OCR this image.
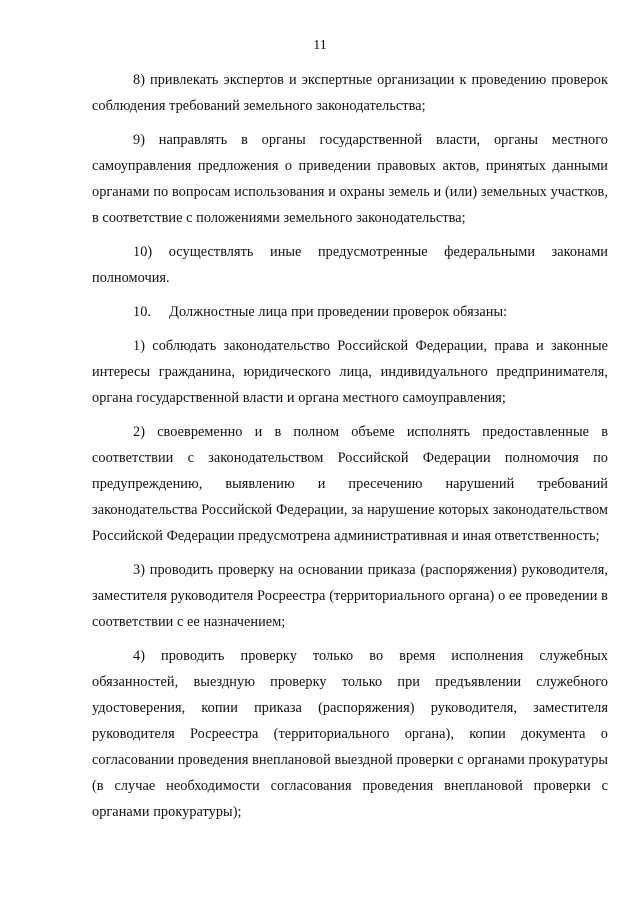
11

8) привлекать экспертов и экспертные организации к проведению проверок соблюдения требований земельного законодательства;

9) направлять в органы государственной власти, органы местного самоуправления предложения о приведении правовых актов, принятых данными органами по вопросам использования и охраны земель и (или) земельных участков, в соответствие с положениями земельного законодательства;

10) осуществлять иные предусмотренные федеральными законами полномочия.

10.     Должностные лица при проведении проверок обязаны:

1) соблюдать законодательство Российской Федерации, права и законные интересы гражданина, юридического лица, индивидуального предпринимателя, органа государственной власти и органа местного самоуправления;

2) своевременно и в полном объеме исполнять предоставленные в соответствии с законодательством Российской Федерации полномочия по предупреждению, выявлению и пресечению нарушений требований законодательства Российской Федерации, за нарушение которых законодательством Российской Федерации предусмотрена административная и иная ответственность;

3) проводить проверку на основании приказа (распоряжения) руководителя, заместителя руководителя Росреестра (территориального органа) о ее проведении в соответствии с ее назначением;

4) проводить проверку только во время исполнения служебных обязанностей, выездную проверку только при предъявлении служебного удостоверения, копии приказа (распоряжения) руководителя, заместителя руководителя Росреестра (территориального органа), копии документа о согласовании проведения внеплановой выездной проверки с органами прокуратуры (в случае необходимости согласования проведения внеплановой проверки с органами прокуратуры);
